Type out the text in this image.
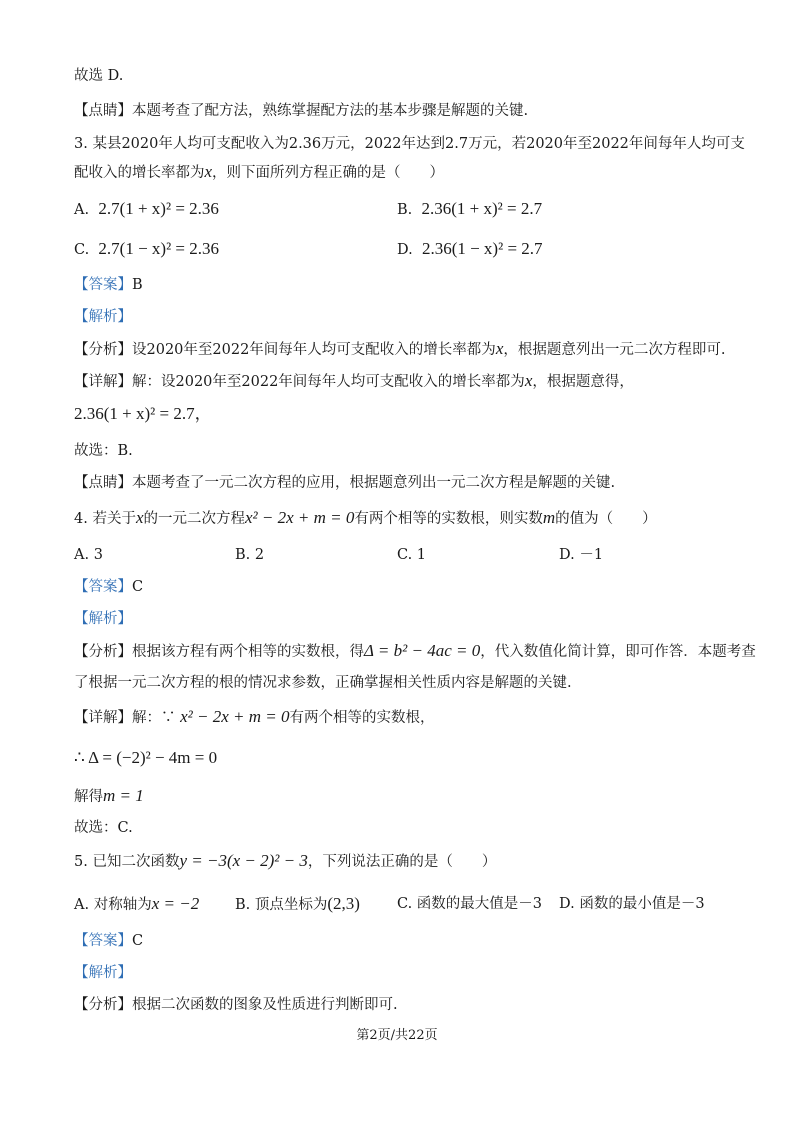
故选 D.
【点睛】本题考查了配方法，熟练掌握配方法的基本步骤是解题的关键.
3. 某县2020年人均可支配收入为2.36万元，2022年达到2.7万元，若2020年至2022年间每年人均可支
配收入的增长率都为x，则下面所列方程正确的是（　　）
A. 2.7(1 + x)² = 2.36	B. 2.36(1 + x)² = 2.7
C. 2.7(1 − x)² = 2.36	D. 2.36(1 − x)² = 2.7
【答案】B
【解析】
【分析】设2020年至2022年间每年人均可支配收入的增长率都为x，根据题意列出一元二次方程即可.
【详解】解：设2020年至2022年间每年人均可支配收入的增长率都为x，根据题意得，
2.36(1 + x)² = 2.7，
故选：B.
【点睛】本题考查了一元二次方程的应用，根据题意列出一元二次方程是解题的关键.
4. 若关于x的一元二次方程x² − 2x + m = 0有两个相等的实数根，则实数m的值为（　　）
A. 3	B. 2	C. 1	D. －1
【答案】C
【解析】
【分析】根据该方程有两个相等的实数根，得Δ = b² − 4ac = 0，代入数值化简计算，即可作答．本题考查
了根据一元二次方程的根的情况求参数，正确掌握相关性质内容是解题的关键.
【详解】解：∵ x² − 2x + m = 0有两个相等的实数根，
∴ Δ = (−2)² − 4m = 0
解得m = 1
故选：C.
5. 已知二次函数y = −3(x − 2)² − 3，下列说法正确的是（　　）
A. 对称轴为x = −2 B. 顶点坐标为(2,3)	C. 函数的最大值是－3 D. 函数的最小值是－3
【答案】C
【解析】
【分析】根据二次函数的图象及性质进行判断即可.
第2页/共22页
